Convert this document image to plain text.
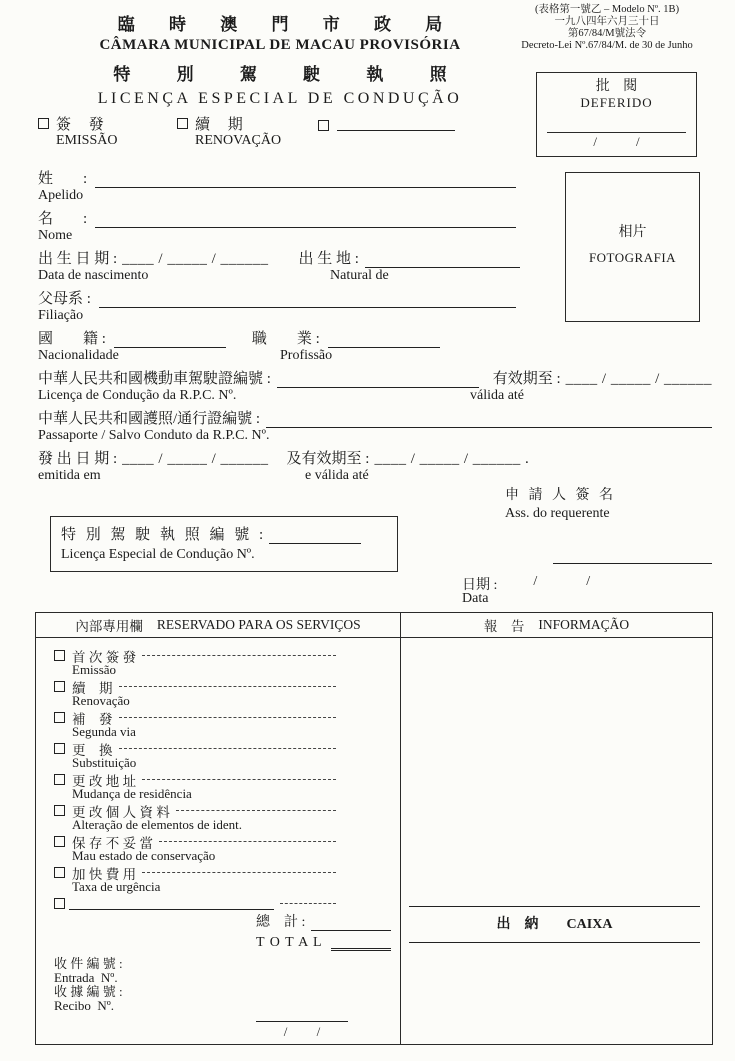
(表格第一號乙 – Modelo Nº. 1B)
一九八四年六月三十日
第67/84/M號法令
Decreto-Lei Nº.67/84/M. de 30 de Junho
臨 時 澳 門 市 政 局
CÂMARA MUNICIPAL DE MACAU PROVISÓRIA
特 別 駕 駛 執 照
LICENÇA ESPECIAL DE CONDUÇÃO
批 閱
DEFERIDO
/            /
簽 發
EMISSÃO
續 期
RENOVAÇÃO
相片
FOTOGRAFIA
姓　　:
Apelido
名　　:
Nome
出 生 日 期 : ____ / _____ / ______ 出 生 地 :
Data de nascimento	Natural de
父母系 :
Filiação
國　　籍 :	職　　業 :
Nacionalidade	Profissão
中華人民共和國機動車駕駛證編號 :	有效期至 : ____ / _____ / ______
Licença de Condução da R.P.C. Nº.	válida até
中華人民共和國護照/通行證編號 :
Passaporte / Salvo Conduto da R.P.C. Nº.
發 出 日 期 : ____ / _____ / ______ 及有效期至 : ____ / _____ / ______ .
emitida em	e válida até
申 請 人 簽 名
Ass. do requerente
特 別 駕 駛 執 照 編 號 :
Licença Especial de Condução Nº.
日期 :	/              /
Data
內部專用欄 RESERVADO PARA OS SERVIÇOS
首 次 簽 發
Emissão
續　期
Renovação
補　發
Segunda via
更　換
Substituição
更 改 地 址
Mudança de residência
更 改 個 人 資 料
Alteração de elementos de ident.
保 存 不 妥 當
Mau estado de conservação
加 快 費 用
Taxa de urgência
總　計 :
T O T A L
收 件 編 號 :
Entrada  Nº.
收 據 編 號 :
Recibo  Nº.
/         /
報　告 INFORMAÇÃO
出　納 CAIXA
